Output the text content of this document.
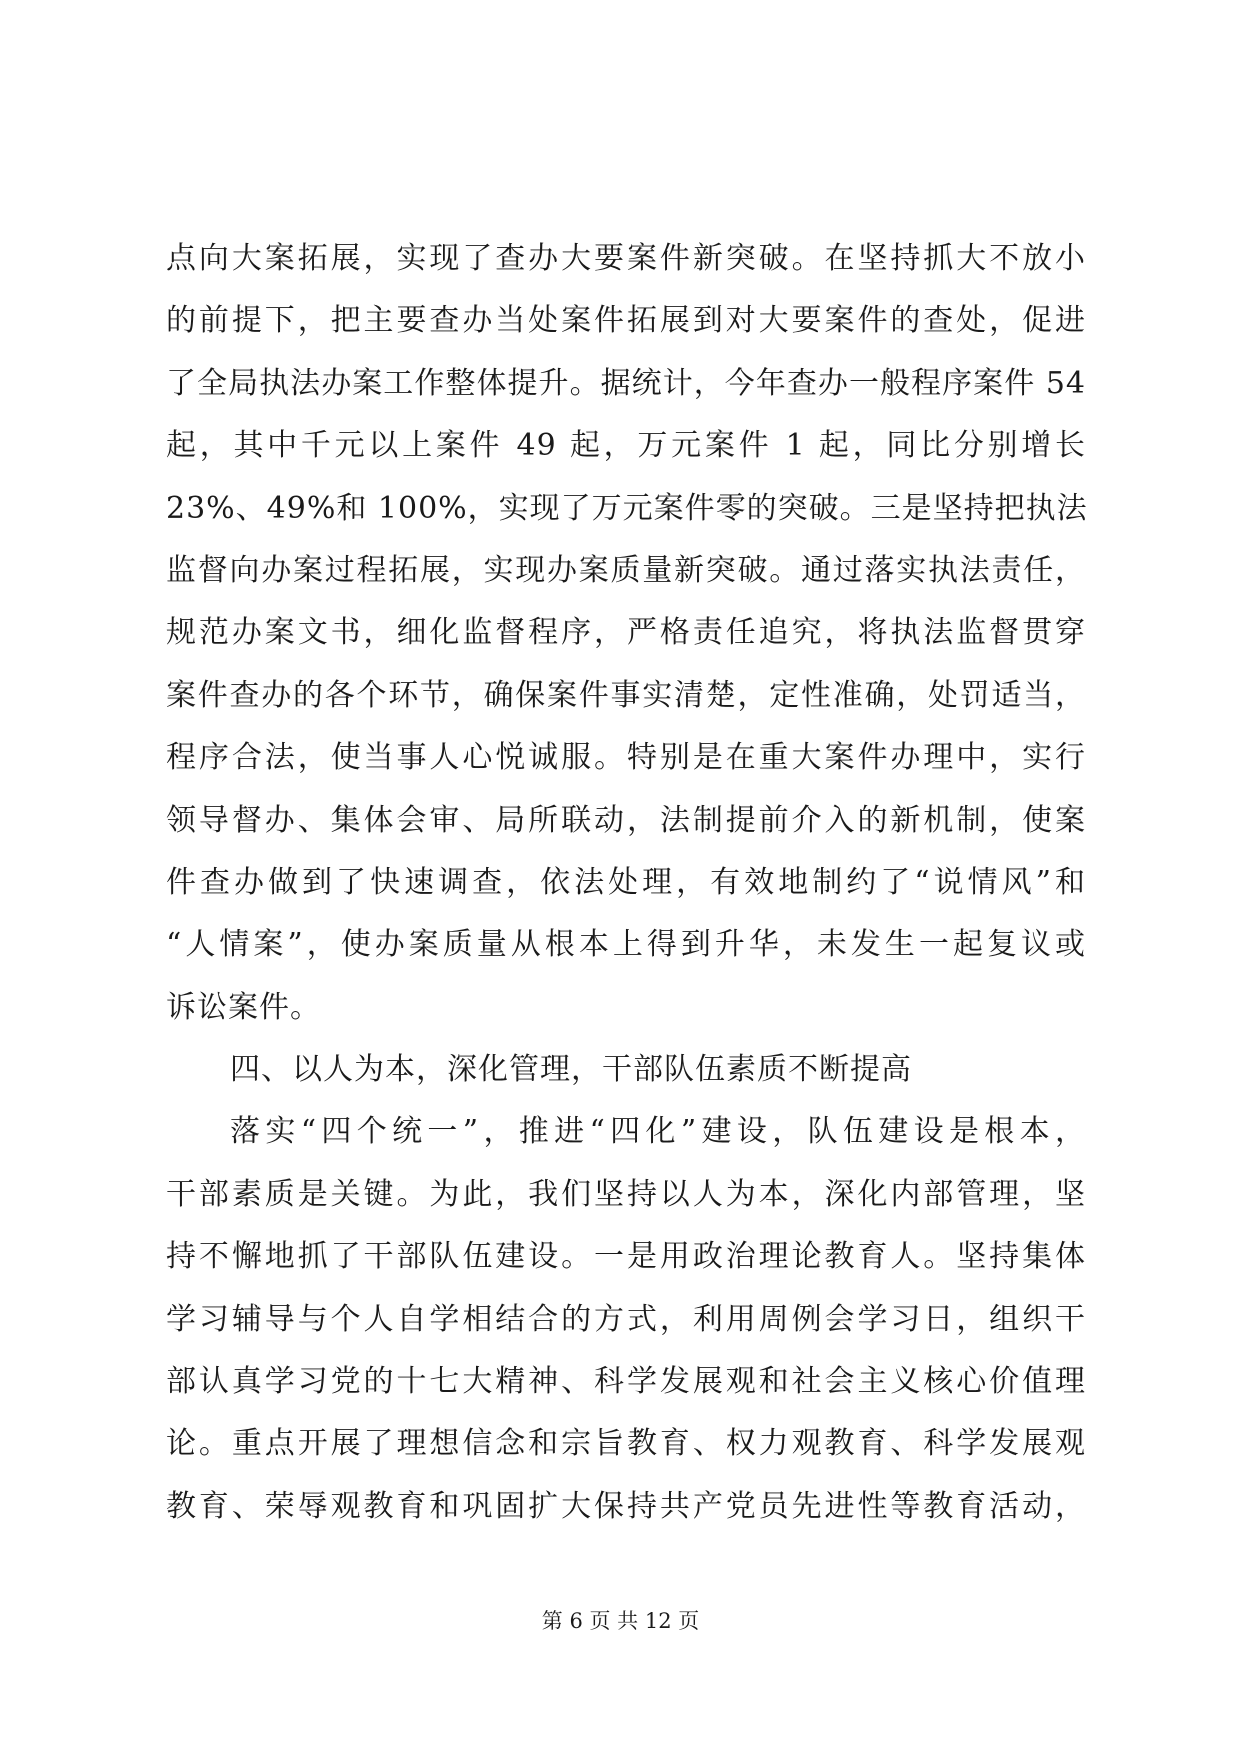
点向大案拓展，实现了查办大要案件新突破。在坚持抓大不放小
的前提下，把主要查办当处案件拓展到对大要案件的查处，促进
了全局执法办案工作整体提升。据统计，今年查办一般程序案件 54
起，其中千元以上案件 49 起，万元案件 1 起，同比分别增长
23%、49%和 100%，实现了万元案件零的突破。三是坚持把执法
监督向办案过程拓展，实现办案质量新突破。通过落实执法责任，
规范办案文书，细化监督程序，严格责任追究，将执法监督贯穿
案件查办的各个环节，确保案件事实清楚，定性准确，处罚适当，
程序合法，使当事人心悦诚服。特别是在重大案件办理中，实行
领导督办、集体会审、局所联动，法制提前介入的新机制，使案
件查办做到了快速调查，依法处理，有效地制约了“说情风”和
“人情案”，使办案质量从根本上得到升华，未发生一起复议或
诉讼案件。
四、以人为本，深化管理，干部队伍素质不断提高
落实“四个统一”，推进“四化”建设，队伍建设是根本，
干部素质是关键。为此，我们坚持以人为本，深化内部管理，坚
持不懈地抓了干部队伍建设。一是用政治理论教育人。坚持集体
学习辅导与个人自学相结合的方式，利用周例会学习日，组织干
部认真学习党的十七大精神、科学发展观和社会主义核心价值理
论。重点开展了理想信念和宗旨教育、权力观教育、科学发展观
教育、荣辱观教育和巩固扩大保持共产党员先进性等教育活动，
第 6 页 共 12 页
